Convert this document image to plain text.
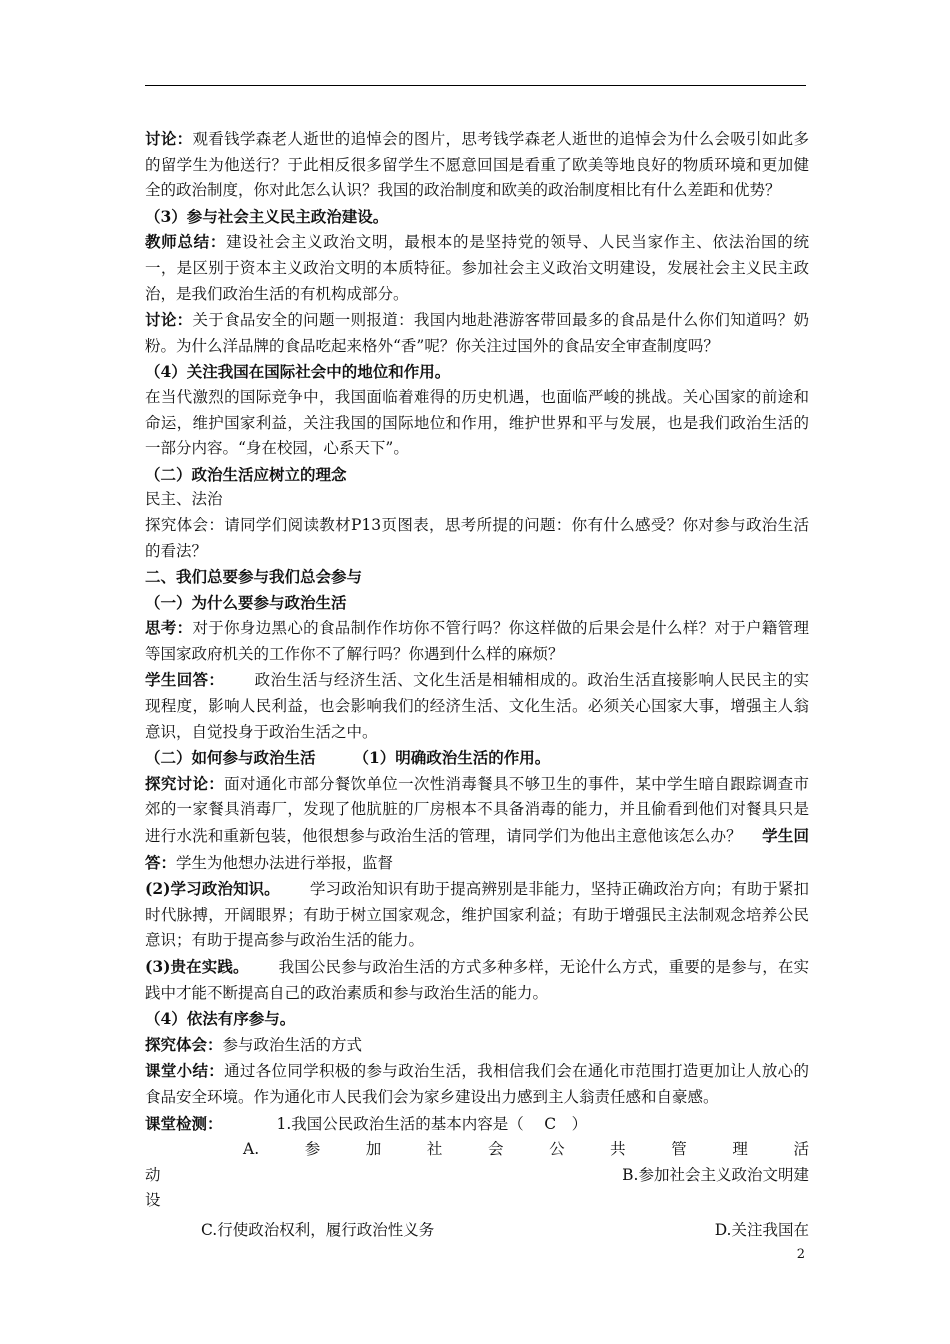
讨论：观看钱学森老人逝世的追悼会的图片，思考钱学森老人逝世的追悼会为什么会吸引如此多的留学生为他送行？于此相反很多留学生不愿意回国是看重了欧美等地良好的物质环境和更加健全的政治制度，你对此怎么认识？我国的政治制度和欧美的政治制度相比有什么差距和优势？

（3）参与社会主义民主政治建设。

教师总结：建设社会主义政治文明，最根本的是坚持党的领导、人民当家作主、依法治国的统一，是区别于资本主义政治文明的本质特征。参加社会主义政治文明建设，发展社会主义民主政治，是我们政治生活的有机构成部分。

讨论：关于食品安全的问题一则报道：我国内地赴港游客带回最多的食品是什么你们知道吗？奶粉。为什么洋品牌的食品吃起来格外“香”呢？你关注过国外的食品安全审查制度吗？

（4）关注我国在国际社会中的地位和作用。

在当代激烈的国际竞争中，我国面临着难得的历史机遇，也面临严峻的挑战。关心国家的前途和命运，维护国家利益，关注我国的国际地位和作用，维护世界和平与发展，也是我们政治生活的一部分内容。“身在校园，心系天下”。

（二）政治生活应树立的理念

民主、法治

探究体会：请同学们阅读教材P13页图表，思考所提的问题：你有什么感受？你对参与政治生活的看法？

二、我们总要参与我们总会参与

（一）为什么要参与政治生活

思考：对于你身边黑心的食品制作作坊你不管行吗？你这样做的后果会是什么样？对于户籍管理等国家政府机关的工作你不了解行吗？你遇到什么样的麻烦？

学生回答： 政治生活与经济生活、文化生活是相辅相成的。政治生活直接影响人民民主的实现程度，影响人民利益，也会影响我们的经济生活、文化生活。必须关心国家大事，增强主人翁意识，自觉投身于政治生活之中。

（二）如何参与政治生活 （1）明确政治生活的作用。

探究讨论：面对通化市部分餐饮单位一次性消毒餐具不够卫生的事件，某中学生暗自跟踪调查市郊的一家餐具消毒厂，发现了他肮脏的厂房根本不具备消毒的能力，并且偷看到他们对餐具只是进行水洗和重新包装，他很想参与政治生活的管理，请同学们为他出主意他该怎么办？ 学生回答：学生为他想办法进行举报，监督

(2)学习政治知识。 学习政治知识有助于提高辨别是非能力，坚持正确政治方向；有助于紧扣时代脉搏，开阔眼界；有助于树立国家观念，维护国家利益；有助于增强民主法制观念培养公民意识；有助于提高参与政治生活的能力。

(3)贵在实践。 我国公民参与政治生活的方式多种多样，无论什么方式，重要的是参与，在实践中才能不断提高自己的政治素质和参与政治生活的能力。

（4）依法有序参与。

探究体会：参与政治生活的方式

课堂小结：通过各位同学积极的参与政治生活，我相信我们会在通化市范围打造更加让人放心的食品安全环境。作为通化市人民我们会为家乡建设出力感到主人翁责任感和自豪感。

课堂检测：	1.我国公民政治生活的基本内容是（　 C　）

A.	参	加	社	会	公	共	管	理	活
动	B.参加社会主义政治文明建
设
C.行使政治权利，履行政治性义务	D.关注我国在
2
